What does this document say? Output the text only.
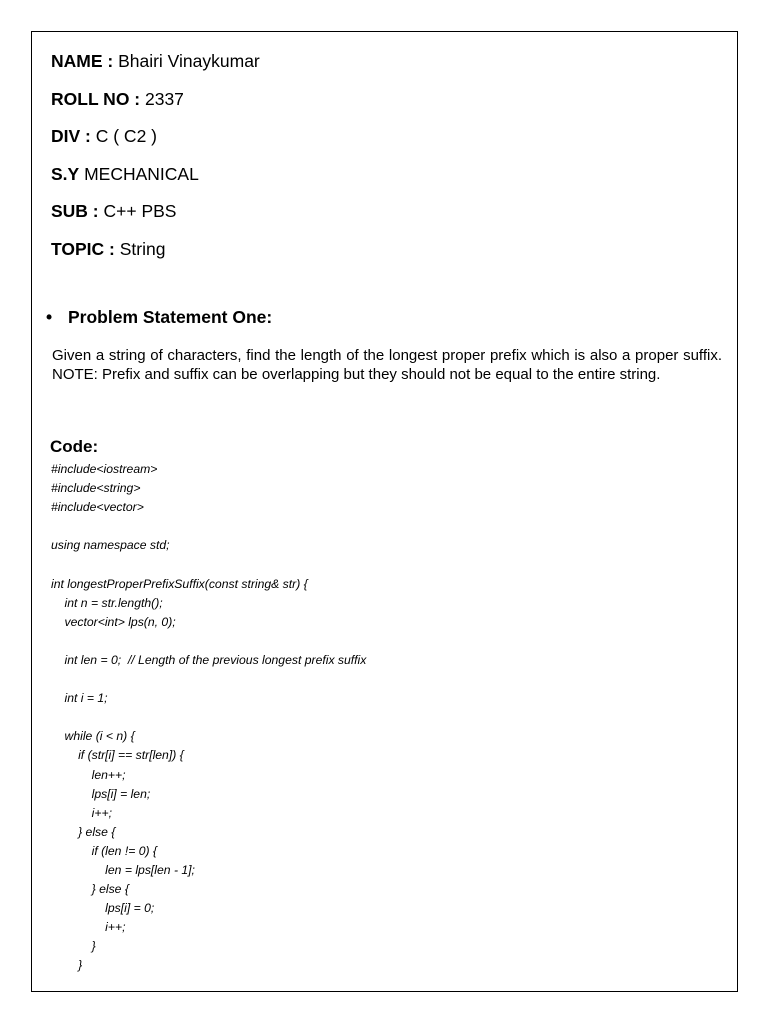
NAME : Bhairi Vinaykumar
ROLL NO : 2337
DIV : C ( C2 )
S.Y MECHANICAL
SUB : C++ PBS
TOPIC : String
• Problem Statement One:

Given a string of characters, find the length of the longest proper prefix which is also a proper suffix. NOTE: Prefix and suffix can be overlapping but they should not be equal to the entire string.

Code:
#include<iostream>
#include<string>
#include<vector>
using namespace std;
int longestProperPrefixSuffix(const string& str) {
int n = str.length();
vector<int> lps(n, 0);
int len = 0;  // Length of the previous longest prefix suffix
int i = 1;
while (i < n) {
if (str[i] == str[len]) {
len++;
lps[i] = len;
i++;
} else {
if (len != 0) {
len = lps[len - 1];
} else {
lps[i] = 0;
i++;
}
}
